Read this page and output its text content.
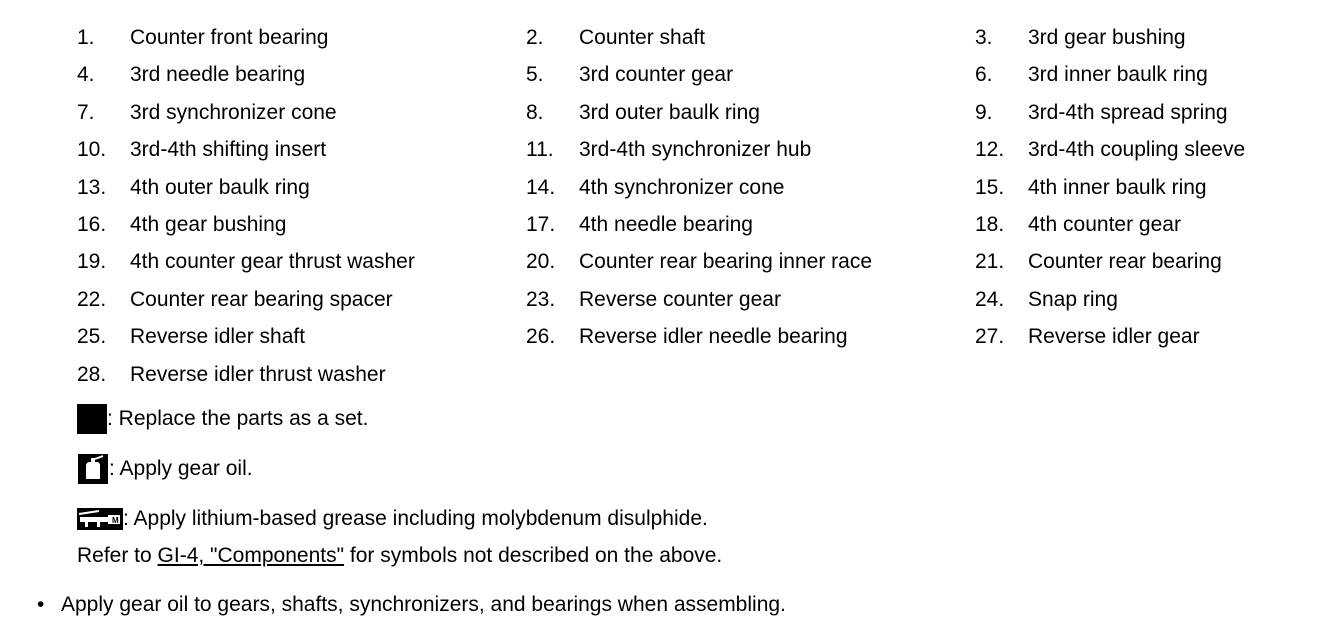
1. Counter front bearing	2. Counter shaft	3. 3rd gear bushing
4. 3rd needle bearing	5. 3rd counter gear	6. 3rd inner baulk ring
7. 3rd synchronizer cone	8. 3rd outer baulk ring	9. 3rd-4th spread spring
10. 3rd-4th shifting insert	11. 3rd-4th synchronizer hub	12. 3rd-4th coupling sleeve
13. 4th outer baulk ring	14. 4th synchronizer cone	15. 4th inner baulk ring
16. 4th gear bushing	17. 4th needle bearing	18. 4th counter gear
19. 4th counter gear thrust washer	20. Counter rear bearing inner race	21. Counter rear bearing
22. Counter rear bearing spacer	23. Reverse counter gear	24. Snap ring
25. Reverse idler shaft	26. Reverse idler needle bearing	27. Reverse idler gear
28. Reverse idler thrust washer
: Replace the parts as a set.
: Apply gear oil.
M : Apply lithium-based grease including molybdenum disulphide.
Refer to GI-4, "Components" for symbols not described on the above.
• Apply gear oil to gears, shafts, synchronizers, and bearings when assembling.
